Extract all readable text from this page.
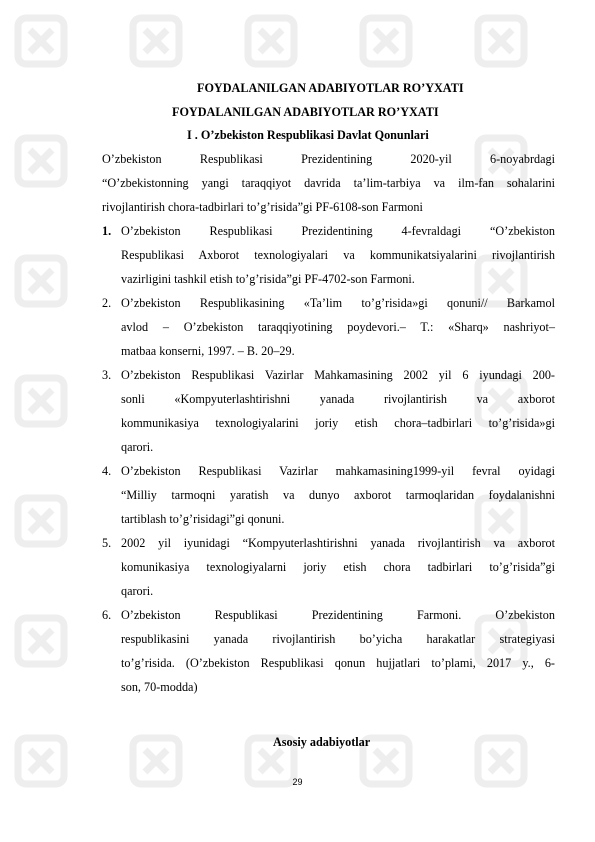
FOYDALANILGAN ADABIYOTLAR RO’YXATI
FOYDALANILGAN ADABIYOTLAR RO’YXATI
I . O’zbekiston Respublikasi Davlat Qonunlari
O’zbekiston Respublikasi Prezidentining 2020-yil 6-noyabrdagi
“O’zbekistonning yangi taraqqiyot davrida ta’lim-tarbiya va ilm-fan sohalarini
rivojlantirish chora-tadbirlari to’g’risida”gi PF-6108-son Farmoni
1. O’zbekiston Respublikasi Prezidentining 4-fevraldagi “O’zbekiston
Respublikasi Axborot texnologiyalari va kommunikatsiyalarini rivojlantirish
vazirligini tashkil etish to’g’risida”gi PF-4702-son Farmoni.
2. O’zbekiston Respublikasining «Ta’lim to’g’risida»gi qonuni// Barkamol
avlod – O’zbekiston taraqqiyotining poydevori.– T.: «Sharq» nashriyot–
matbaa konserni, 1997. – B. 20–29.
3. O’zbekiston Respublikasi Vazirlar Mahkamasining 2002 yil 6 iyundagi 200-
sonli «Kompyuterlashtirishni yanada rivojlantirish va axborot
kommunikasiya texnologiyalarini joriy etish chora–tadbirlari to’g’risida»gi
qarori.
4. O’zbekiston Respublikasi Vazirlar mahkamasining1999-yil fevral oyidagi
“Milliy tarmoqni yaratish va dunyo axborot tarmoqlaridan foydalanishni
tartiblash to’g’risidagi”gi qonuni.
5. 2002 yil iyunidagi “Kompyuterlashtirishni yanada rivojlantirish va axborot
komunikasiya texnologiyalarni joriy etish chora tadbirlari to’g’risida”gi
qarori.
6. O’zbekiston Respublikasi Prezidentining Farmoni. O’zbekiston
respublikasini yanada rivojlantirish bo’yicha harakatlar strategiyasi
to’g’risida. (O’zbekiston Respublikasi qonun hujjatlari to’plami, 2017 y., 6-
son, 70-modda)
Asosiy adabiyotlar
29
